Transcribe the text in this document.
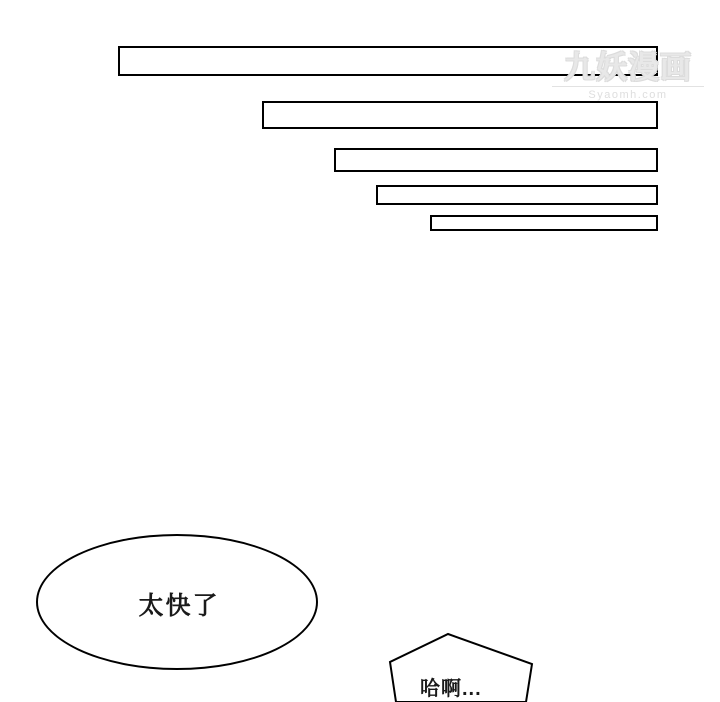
九妖漫画
Syaomh.com
太快了
哈啊...
